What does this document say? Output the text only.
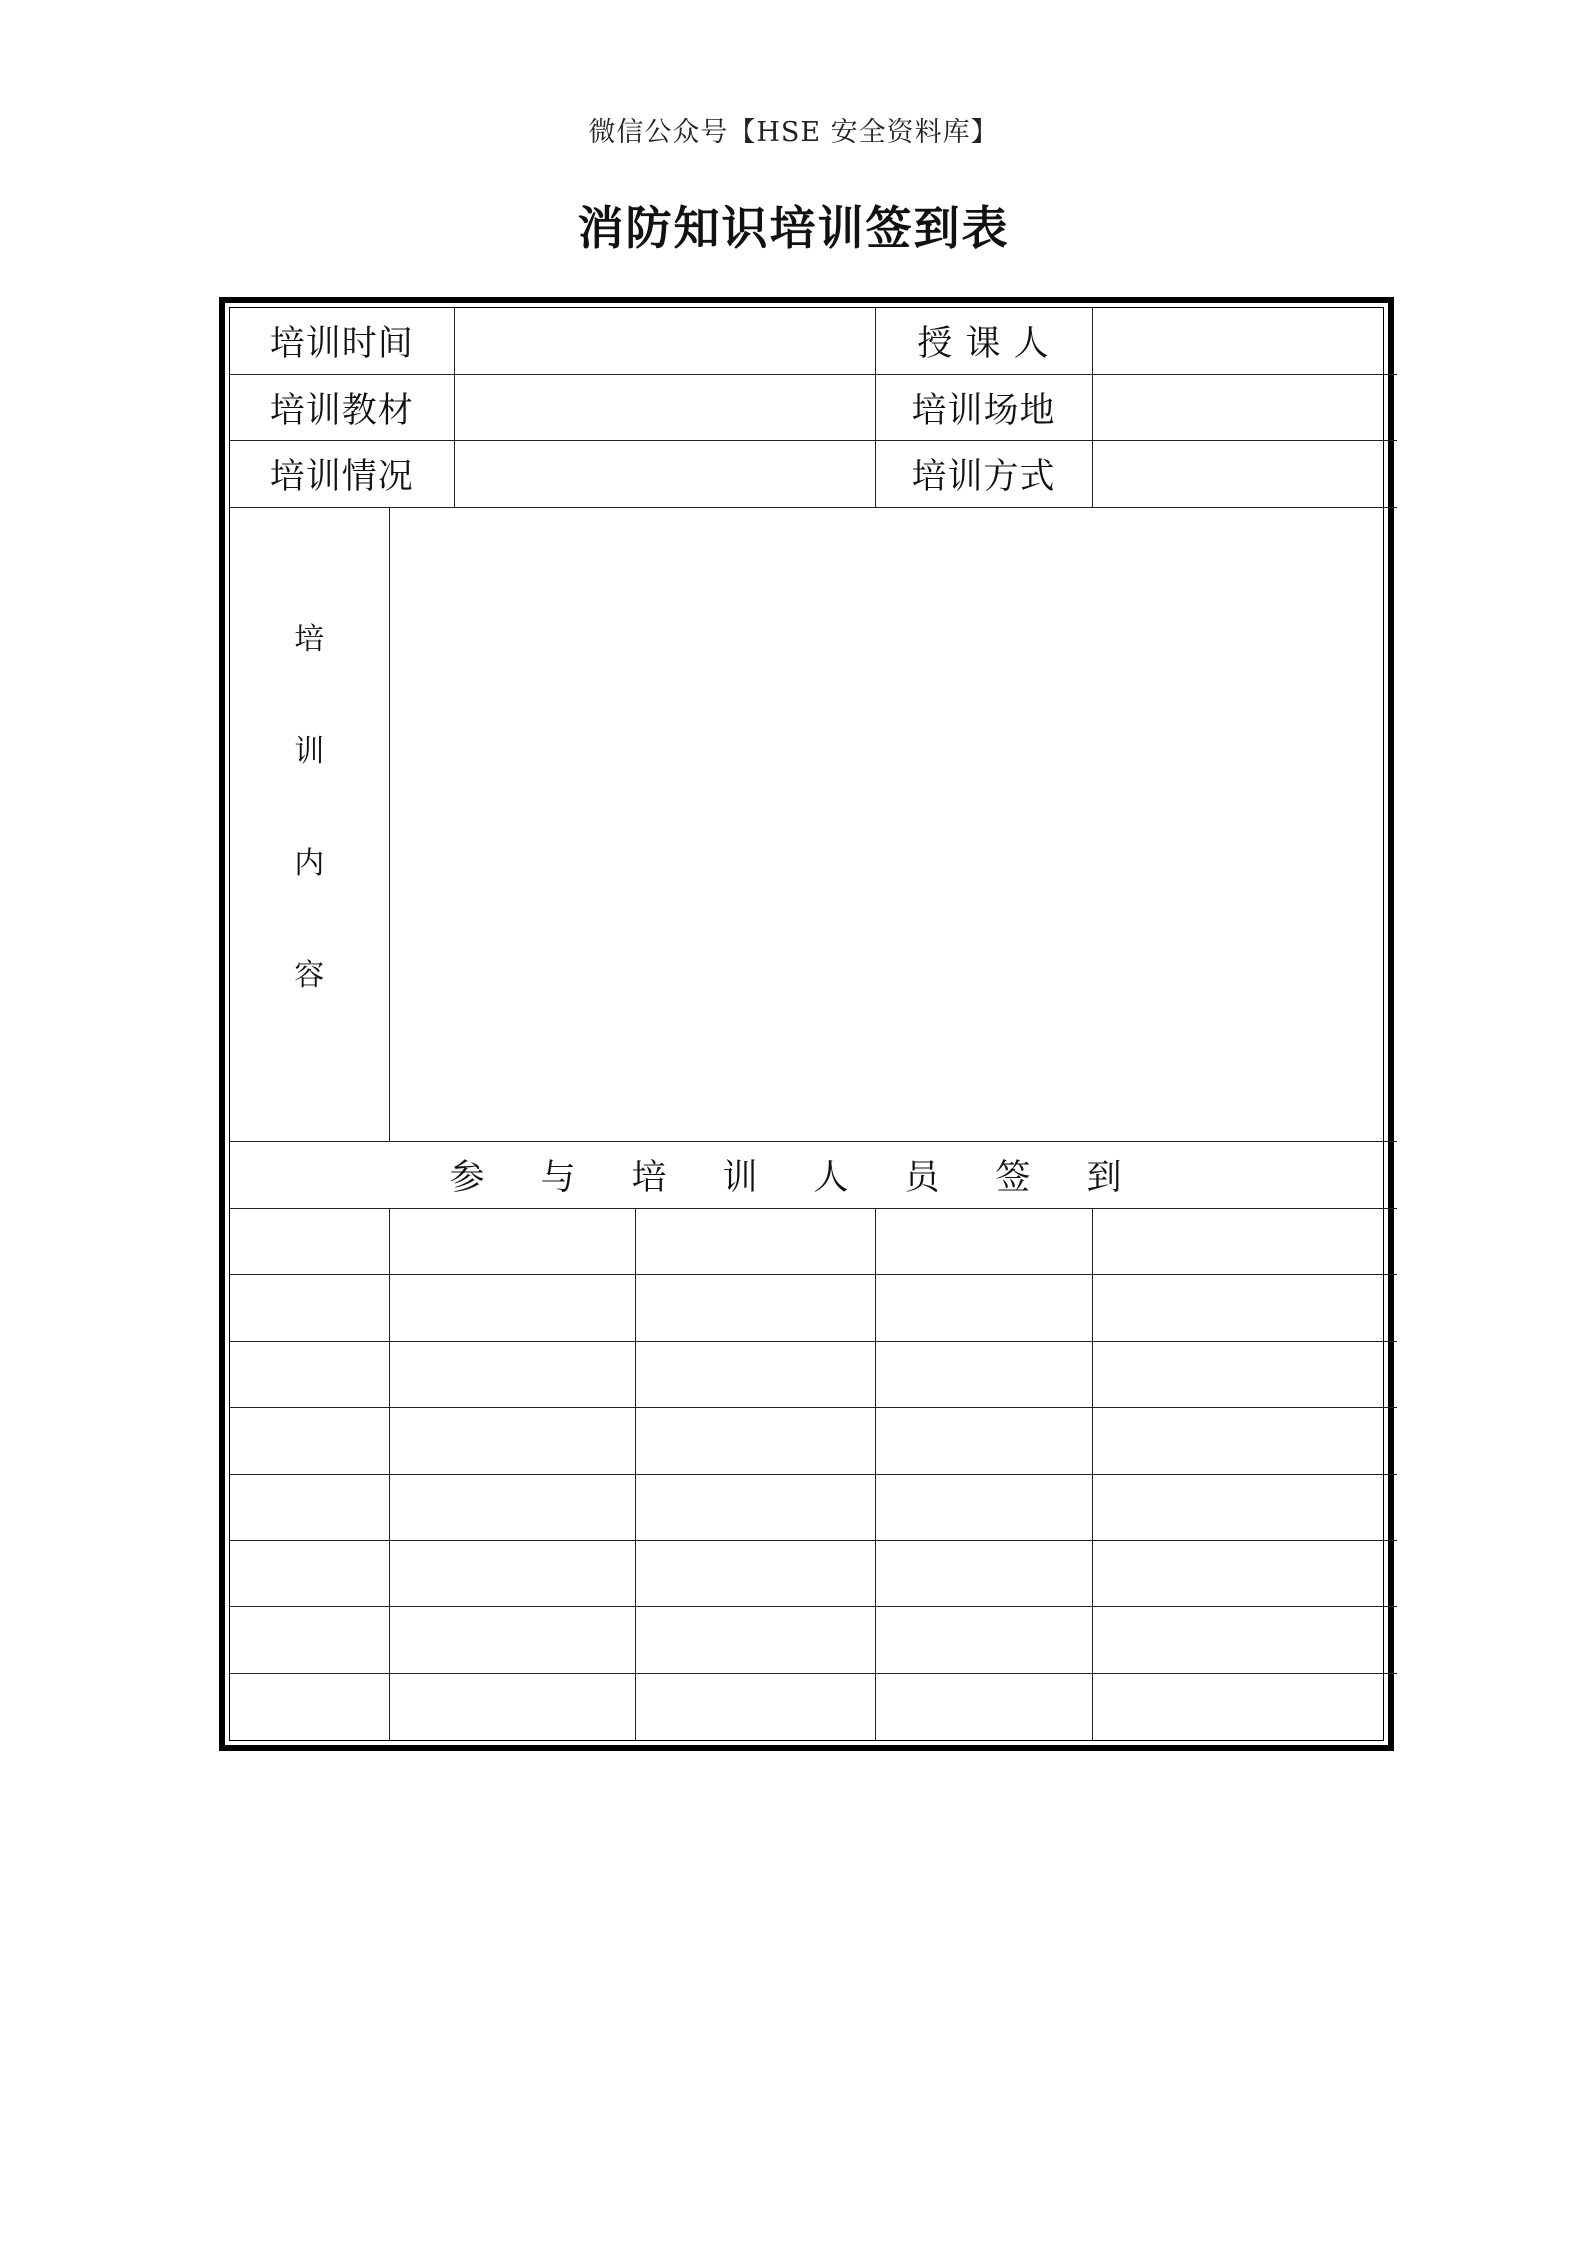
微信公众号【HSE 安全资料库】
消防知识培训签到表
培训时间				授 课 人	
培训教材				培训场地	
培训情况				培训方式	

培
训
内
容					

参与培训人员签到					
